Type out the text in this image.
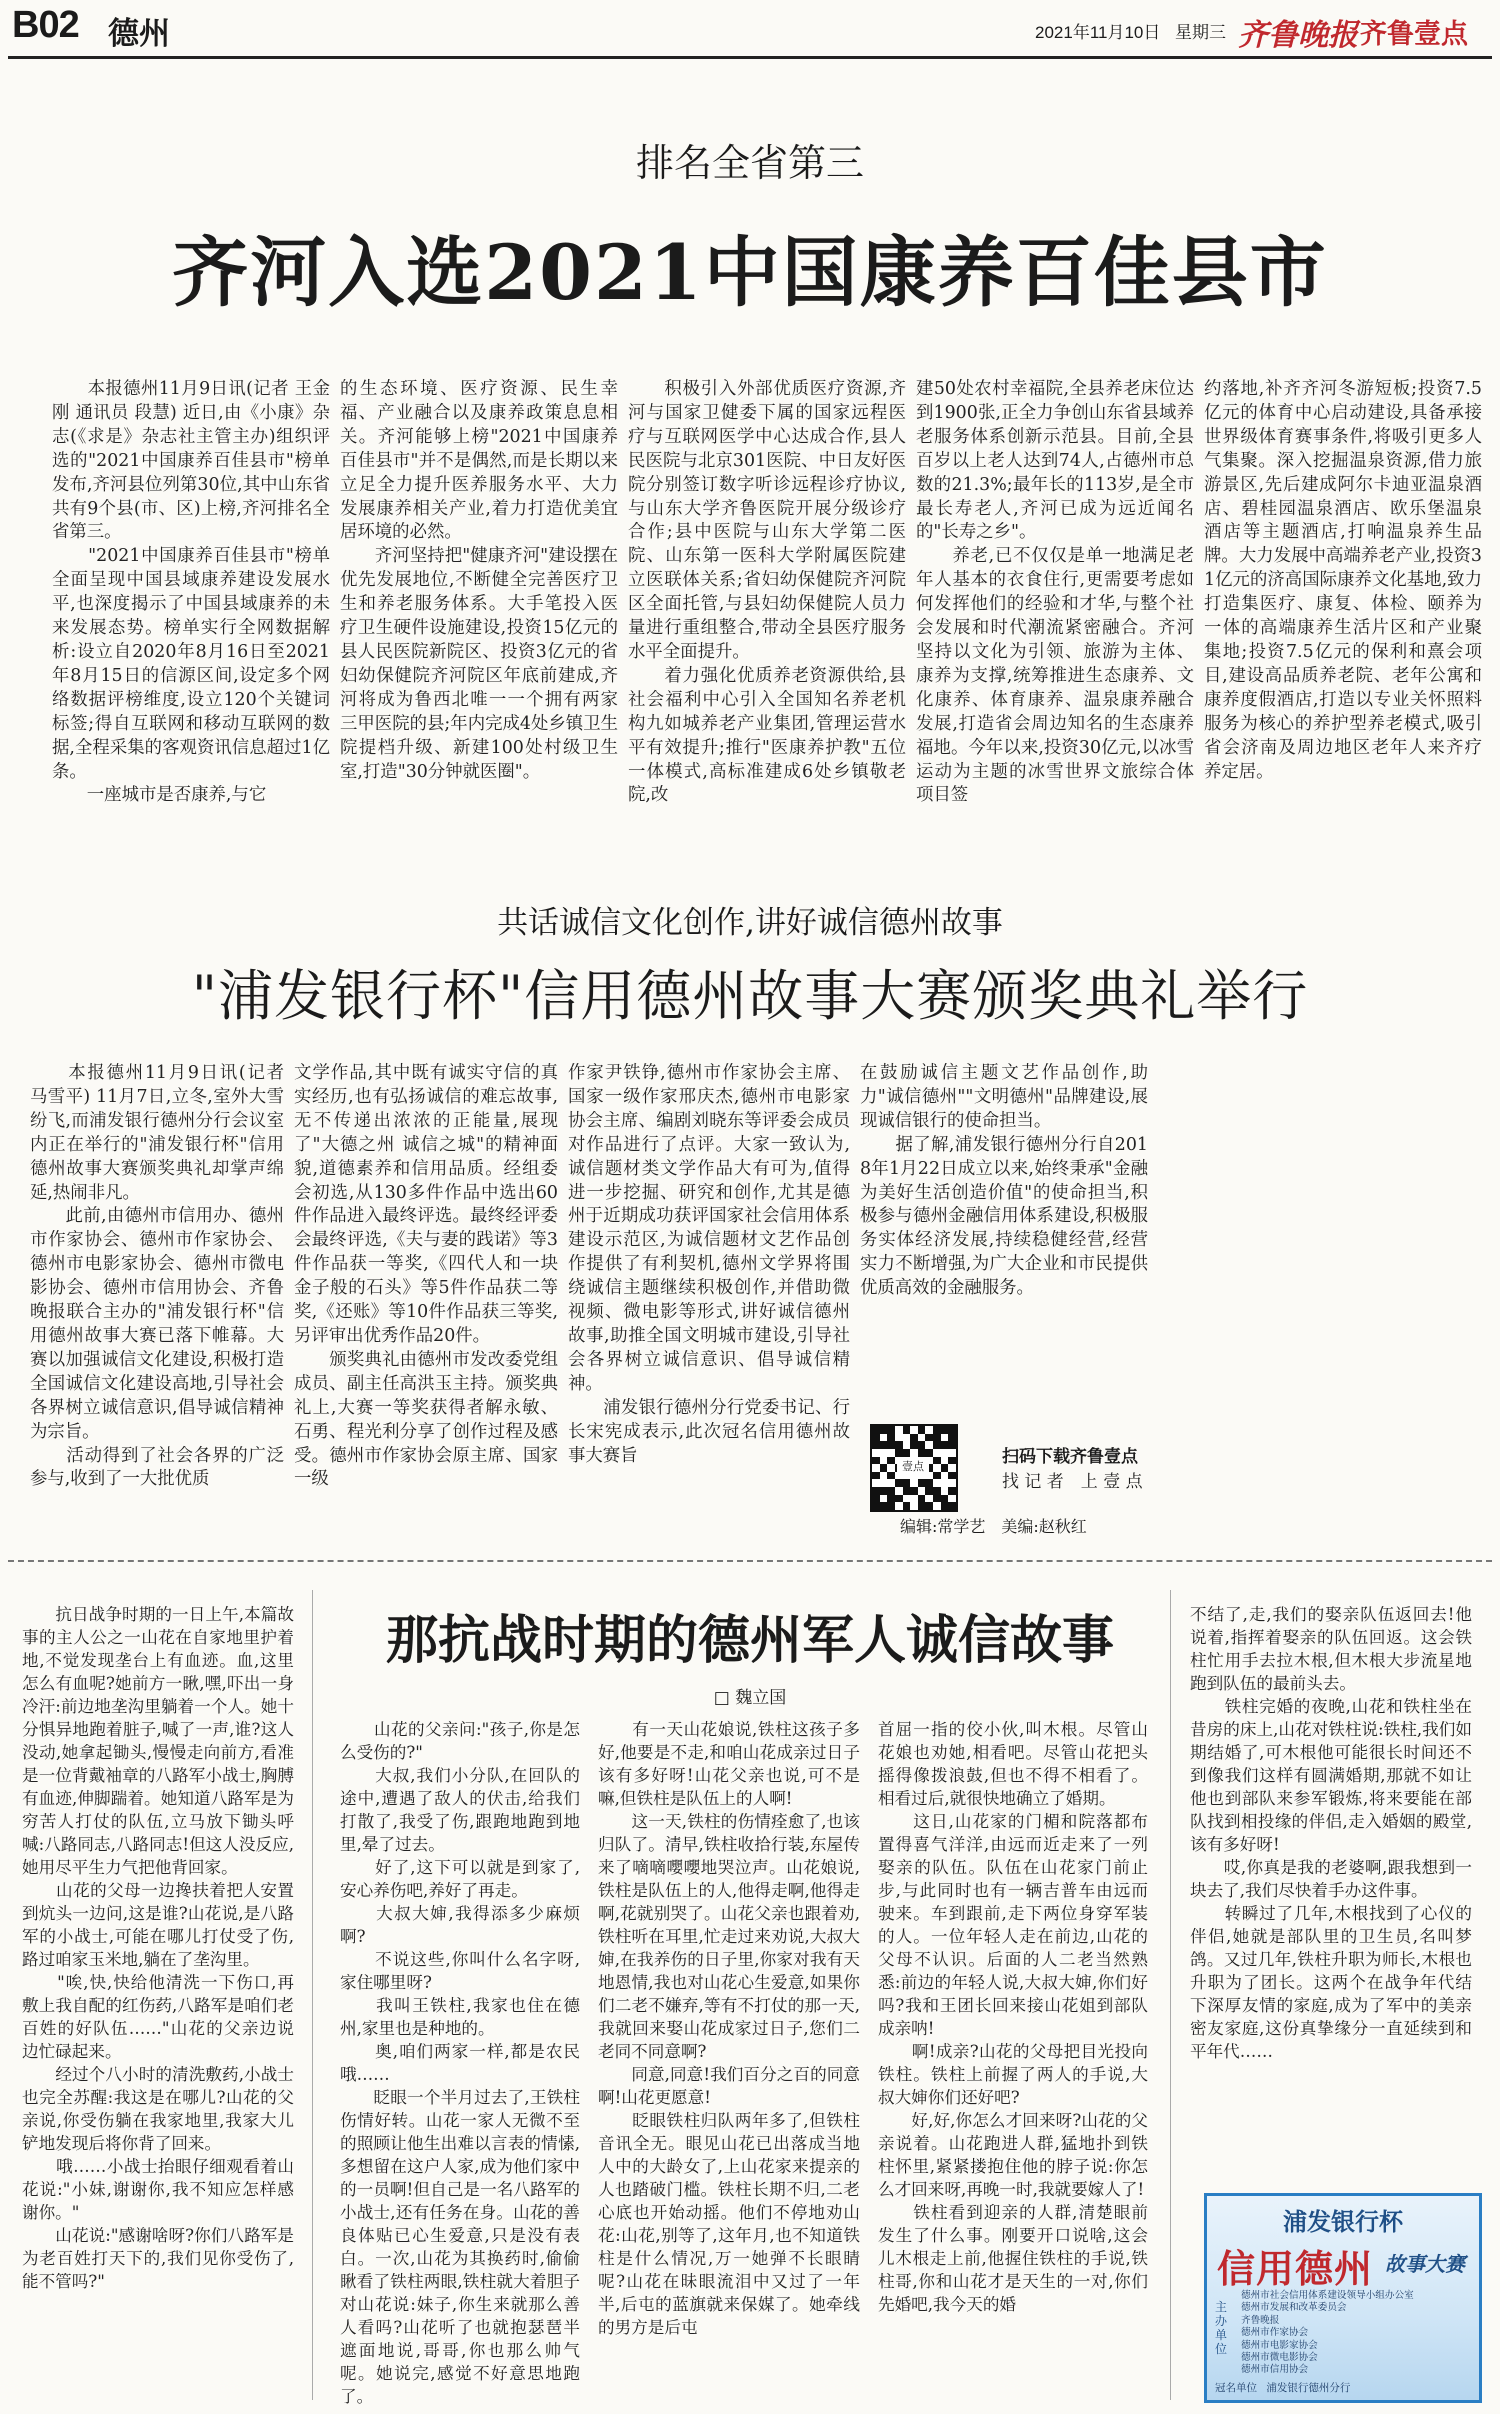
B02 德州	2021年11月10日 星期三 齐鲁晚报 齐鲁壹点
排名全省第三
齐河入选2021中国康养百佳县市
　　本报德州11月9日讯(记者 王金刚 通讯员 段慧) 近日,由《小康》杂志(《求是》杂志社主管主办)组织评选的"2021中国康养百佳县市"榜单发布,齐河县位列第30位,其中山东省共有9个县(市、区)上榜,齐河排名全省第三。
　　"2021中国康养百佳县市"榜单全面呈现中国县域康养建设发展水平,也深度揭示了中国县域康养的未来发展态势。榜单实行全网数据解析:设立自2020年8月16日至2021年8月15日的信源区间,设定多个网络数据评榜维度,设立120个关键词标签;得自互联网和移动互联网的数据,全程采集的客观资讯信息超过1亿条。
　　一座城市是否康养,与它
的生态环境、医疗资源、民生幸福、产业融合以及康养政策息息相关。齐河能够上榜"2021中国康养百佳县市"并不是偶然,而是长期以来立足全力提升医养服务水平、大力发展康养相关产业,着力打造优美宜居环境的必然。
　　齐河坚持把"健康齐河"建设摆在优先发展地位,不断健全完善医疗卫生和养老服务体系。大手笔投入医疗卫生硬件设施建设,投资15亿元的县人民医院新院区、投资3亿元的省妇幼保健院齐河院区年底前建成,齐河将成为鲁西北唯一一个拥有两家三甲医院的县;年内完成4处乡镇卫生院提档升级、新建100处村级卫生室,打造"30分钟就医圈"。
　　积极引入外部优质医疗资源,齐河与国家卫健委下属的国家远程医疗与互联网医学中心达成合作,县人民医院与北京301医院、中日友好医院分别签订数字听诊远程诊疗协议,与山东大学齐鲁医院开展分级诊疗合作;县中医院与山东大学第二医院、山东第一医科大学附属医院建立医联体关系;省妇幼保健院齐河院区全面托管,与县妇幼保健院人员力量进行重组整合,带动全县医疗服务水平全面提升。
　　着力强化优质养老资源供给,县社会福利中心引入全国知名养老机构九如城养老产业集团,管理运营水平有效提升;推行"医康养护教"五位一体模式,高标准建成6处乡镇敬老院,改
建50处农村幸福院,全县养老床位达到1900张,正全力争创山东省县域养老服务体系创新示范县。目前,全县百岁以上老人达到74人,占德州市总数的21.3%;最年长的113岁,是全市最长寿老人,齐河已成为远近闻名的"长寿之乡"。
　　养老,已不仅仅是单一地满足老年人基本的衣食住行,更需要考虑如何发挥他们的经验和才华,与整个社会发展和时代潮流紧密融合。齐河坚持以文化为引领、旅游为主体、康养为支撑,统筹推进生态康养、文化康养、体育康养、温泉康养融合发展,打造省会周边知名的生态康养福地。今年以来,投资30亿元,以冰雪运动为主题的冰雪世界文旅综合体项目签
约落地,补齐齐河冬游短板;投资7.5亿元的体育中心启动建设,具备承接世界级体育赛事条件,将吸引更多人气集聚。深入挖掘温泉资源,借力旅游景区,先后建成阿尔卡迪亚温泉酒店、碧桂园温泉酒店、欧乐堡温泉酒店等主题酒店,打响温泉养生品牌。大力发展中高端养老产业,投资31亿元的济高国际康养文化基地,致力打造集医疗、康复、体检、颐养为一体的高端康养生活片区和产业聚集地;投资7.5亿元的保利和熹会项目,建设高品质养老院、老年公寓和康养度假酒店,打造以专业关怀照料服务为核心的养护型养老模式,吸引省会济南及周边地区老年人来齐疗养定居。
共话诚信文化创作,讲好诚信德州故事
"浦发银行杯"信用德州故事大赛颁奖典礼举行
　　本报德州11月9日讯(记者 马雪平) 11月7日,立冬,室外大雪纷飞,而浦发银行德州分行会议室内正在举行的"浦发银行杯"信用德州故事大赛颁奖典礼却掌声绵延,热闹非凡。
　　此前,由德州市信用办、德州市作家协会、德州市作家协会、德州市电影家协会、德州市微电影协会、德州市信用协会、齐鲁晚报联合主办的"浦发银行杯"信用德州故事大赛已落下帷幕。大赛以加强诚信文化建设,积极打造全国诚信文化建设高地,引导社会各界树立诚信意识,倡导诚信精神为宗旨。
　　活动得到了社会各界的广泛参与,收到了一大批优质
文学作品,其中既有诚实守信的真实经历,也有弘扬诚信的难忘故事,无不传递出浓浓的正能量,展现了"大德之州 诚信之城"的精神面貌,道德素养和信用品质。经组委会初选,从130多件作品中选出60件作品进入最终评选。最终经评委会最终评选,《夫与妻的践诺》等3件作品获一等奖,《四代人和一块金子般的石头》等5件作品获二等奖,《还账》等10件作品获三等奖,另评审出优秀作品20件。
　　颁奖典礼由德州市发改委党组成员、副主任高洪玉主持。颁奖典礼上,大赛一等奖获得者解永敏、石勇、程光利分享了创作过程及感受。德州市作家协会原主席、国家一级
作家尹铁铮,德州市作家协会主席、国家一级作家邢庆杰,德州市电影家协会主席、编剧刘晓东等评委会成员对作品进行了点评。大家一致认为,诚信题材类文学作品大有可为,值得进一步挖掘、研究和创作,尤其是德州于近期成功获评国家社会信用体系建设示范区,为诚信题材文艺作品创作提供了有利契机,德州文学界将围绕诚信主题继续积极创作,并借助微视频、微电影等形式,讲好诚信德州故事,助推全国文明城市建设,引导社会各界树立诚信意识、倡导诚信精神。
　　浦发银行德州分行党委书记、行长宋宪成表示,此次冠名信用德州故事大赛旨
在鼓励诚信主题文艺作品创作,助力"诚信德州""文明德州"品牌建设,展现诚信银行的使命担当。
　　据了解,浦发银行德州分行自2018年1月22日成立以来,始终秉承"金融为美好生活创造价值"的使命担当,积极参与德州金融信用体系建设,积极服务实体经济发展,持续稳健经营,经营实力不断增强,为广大企业和市民提供优质高效的金融服务。
壹点	扫码下载齐鲁壹点
找 记 者　上 壹 点
编辑:常学艺　美编:赵秋红
那抗战时期的德州军人诚信故事
□ 魏立国
　　抗日战争时期的一日上午,本篇故事的主人公之一山花在自家地里护着地,不觉发现垄台上有血迹。血,这里怎么有血呢?她前方一瞅,嘿,吓出一身冷汗:前边地垄沟里躺着一个人。她十分惧异地跑着脏子,喊了一声,谁?这人没动,她拿起锄头,慢慢走向前方,看准是一位背戴袖章的八路军小战士,胸膊有血迹,伸脚踹着。她知道八路军是为穷苦人打仗的队伍,立马放下锄头呼喊:八路同志,八路同志!但这人没反应,她用尽平生力气把他背回家。
　　山花的父母一边搀扶着把人安置到炕头一边问,这是谁?山花说,是八路军的小战士,可能在哪儿打仗受了伤,路过咱家玉米地,躺在了垄沟里。
　　"唉,快,快给他清洗一下伤口,再敷上我自配的红伤药,八路军是咱们老百姓的好队伍……"山花的父亲边说边忙碌起来。
　　经过个八小时的清洗敷药,小战士也完全苏醒:我这是在哪儿?山花的父亲说,你受伤躺在我家地里,我家大儿铲地发现后将你背了回来。
　　哦……小战士抬眼仔细观看着山花说:"小妹,谢谢你,我不知应怎样感谢你。"
　　山花说:"感谢啥呀?你们八路军是为老百姓打天下的,我们见你受伤了,能不管吗?"
　　山花的父亲问:"孩子,你是怎么受伤的?"
　　大叔,我们小分队,在回队的途中,遭遇了敌人的伏击,给我们打散了,我受了伤,跟跑地跑到地里,晕了过去。
　　好了,这下可以就是到家了,安心养伤吧,养好了再走。
　　大叔大婶,我得添多少麻烦啊?
　　不说这些,你叫什么名字呀,家住哪里呀?
　　我叫王铁柱,我家也住在德州,家里也是种地的。
　　奥,咱们两家一样,都是农民哦……
　　眨眼一个半月过去了,王铁柱伤情好转。山花一家人无微不至的照顾让他生出难以言表的情愫,多想留在这户人家,成为他们家中的一员啊!但自己是一名八路军的小战士,还有任务在身。山花的善良体贴已心生爱意,只是没有表白。一次,山花为其换药时,偷偷瞅看了铁柱两眼,铁柱就大着胆子对山花说:妹子,你生来就那么善人看吗?山花听了也就抱瑟琶半遮面地说,哥哥,你也那么帅气呢。她说完,感觉不好意思地跑了。
　　有一天山花娘说,铁柱这孩子多好,他要是不走,和咱山花成亲过日子该有多好呀!山花父亲也说,可不是嘛,但铁柱是队伍上的人啊!
　　这一天,铁柱的伤情痊愈了,也该归队了。清早,铁柱收拾行装,东屋传来了嘀嘀嚶嚶地哭泣声。山花娘说,铁柱是队伍上的人,他得走啊,他得走啊,花就别哭了。山花父亲也跟着劝,铁柱听在耳里,忙走过来劝说,大叔大婶,在我养伤的日子里,你家对我有天地恩情,我也对山花心生爱意,如果你们二老不嫌弃,等有不打仗的那一天,我就回来娶山花成家过日子,您们二老同不同意啊?
　　同意,同意!我们百分之百的同意啊!山花更愿意!
　　眨眼铁柱归队两年多了,但铁柱音讯全无。眼见山花已出落成当地人中的大龄女了,上山花家来提亲的人也踏破门槛。铁柱长期不归,二老心底也开始动摇。他们不停地劝山花:山花,别等了,这年月,也不知道铁柱是什么情况,万一她弹不长眼睛呢?山花在昧眼流泪中又过了一年半,后屯的蓝旗就来保媒了。她牵线的男方是后屯
首屈一指的佼小伙,叫木根。尽管山花娘也劝她,相看吧。尽管山花把头摇得像拨浪鼓,但也不得不相看了。相看过后,就很快地确立了婚期。
　　这日,山花家的门楣和院落都布置得喜气洋洋,由远而近走来了一列娶亲的队伍。队伍在山花家门前止步,与此同时也有一辆吉普车由远而驶来。车到跟前,走下两位身穿军装的人。一位年轻人走在前边,山花的父母不认识。后面的人二老当然熟悉:前边的年轻人说,大叔大婶,你们好吗?我和王团长回来接山花姐到部队成亲呐!
　　啊!成亲?山花的父母把目光投向铁柱。铁柱上前握了两人的手说,大叔大婶你们还好吧?
　　好,好,你怎么才回来呀?山花的父亲说着。山花跑进人群,猛地扑到铁柱怀里,紧紧搂抱住他的脖子说:你怎么才回来呀,再晚一时,我就要嫁人了!
　　铁柱看到迎亲的人群,清楚眼前发生了什么事。刚要开口说啥,这会儿木根走上前,他握住铁柱的手说,铁柱哥,你和山花才是天生的一对,你们先婚吧,我今天的婚
不结了,走,我们的娶亲队伍返回去!他说着,指挥着娶亲的队伍回返。这会铁柱忙用手去拉木根,但木根大步流星地跑到队伍的最前头去。
　　铁柱完婚的夜晚,山花和铁柱坐在昔房的床上,山花对铁柱说:铁柱,我们如期结婚了,可木根他可能很长时间还不到像我们这样有圆满婚期,那就不如让他也到部队来参军锻炼,将来要能在部队找到相投缘的伴侣,走入婚姻的殿堂,该有多好呀!
　　哎,你真是我的老婆啊,跟我想到一块去了,我们尽快着手办这件事。
　　转瞬过了几年,木根找到了心仪的伴侣,她就是部队里的卫生员,名叫梦鸽。又过几年,铁柱升职为师长,木根也升职为了团长。这两个在战争年代结下深厚友情的家庭,成为了军中的美亲密友家庭,这份真挚缘分一直延续到和平年代……
浦发银行杯
信用德州 故事大赛
主办单位
德州市社会信用体系建设领导小组办公室
德州市发展和改革委员会
齐鲁晚报
德州市作家协会
德州市电影家协会
德州市微电影协会
德州市信用协会
冠名单位 浦发银行德州分行
